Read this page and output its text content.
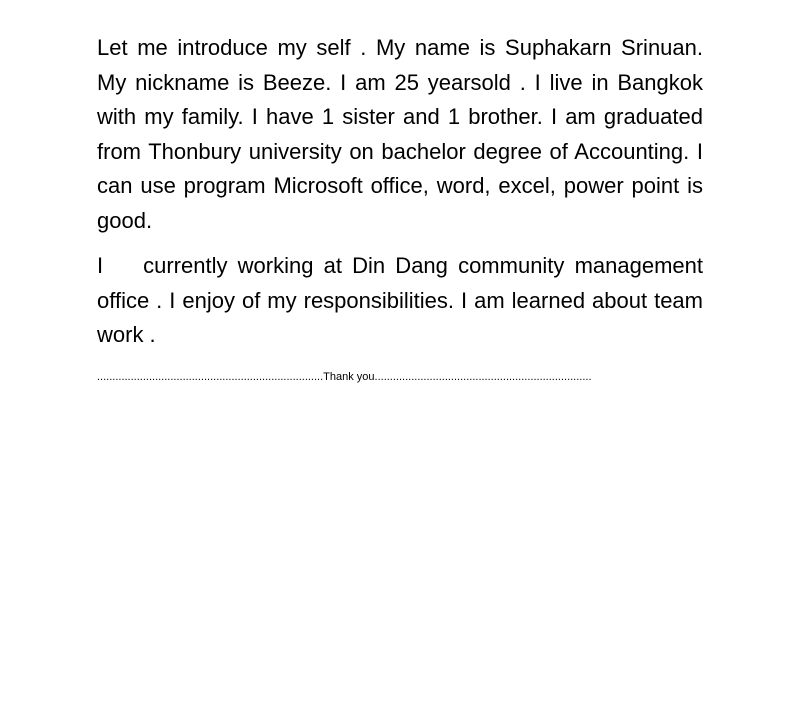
Let me introduce my self . My name is Suphakarn Srinuan. My nickname is Beeze. I am 25 yearsold . I live in Bangkok with my family. I have 1 sister and 1 brother. I am graduated from Thonbury university on bachelor degree of Accounting. I can use program Microsoft office, word, excel, power point is good.

I currently working at Din Dang community management office . I enjoy of my responsibilities. I am learned about team work .

..........................................................................Thank you.......................................................................
